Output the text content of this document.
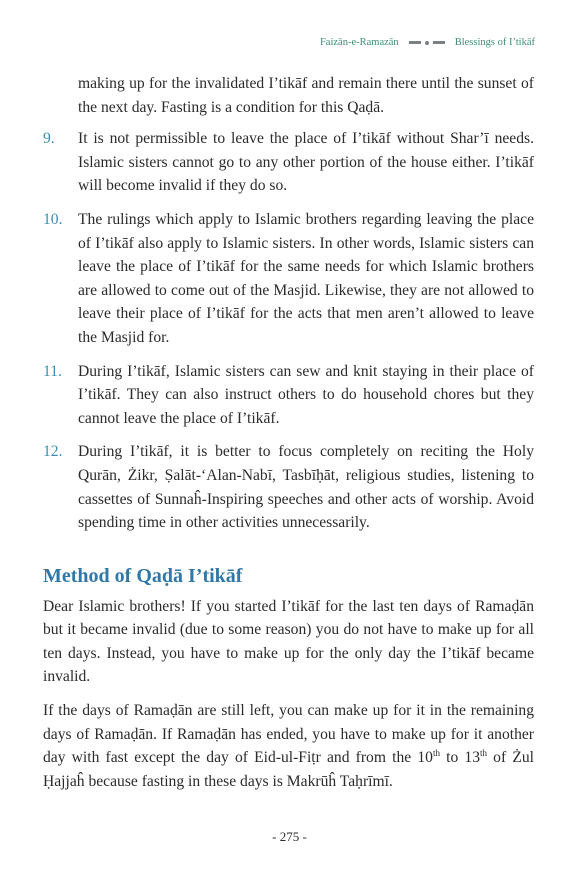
Faizān-e-Ramazān	Blessings of I’tikāf

making up for the invalidated I’tikāf and remain there until the sunset of the next day. Fasting is a condition for this Qaḍā.

9.	It is not permissible to leave the place of I’tikāf without Shar’ī needs. Islamic sisters cannot go to any other portion of the house either. I’tikāf will become invalid if they do so.
10. The rulings which apply to Islamic brothers regarding leaving the place of I’tikāf also apply to Islamic sisters. In other words, Islamic sisters can leave the place of I’tikāf for the same needs for which Islamic brothers are allowed to come out of the Masjid. Likewise, they are not allowed to leave their place of I’tikāf for the acts that men aren’t allowed to leave the Masjid for.
11.	During I’tikāf, Islamic sisters can sew and knit staying in their place of I’tikāf. They can also instruct others to do household chores but they cannot leave the place of I’tikāf.
12. During I’tikāf, it is better to focus completely on reciting the Holy Qurān, Żikr, Ṣalāt-‘Alan-Nabī, Tasbīḥāt, religious studies, listening to cassettes of Sunnaĥ-Inspiring speeches and other acts of worship. Avoid spending time in other activities unnecessarily.
Method of Qaḍā I’tikāf

Dear Islamic brothers! If you started I’tikāf for the last ten days of Ramaḍān but it became invalid (due to some reason) you do not have to make up for all ten days. Instead, you have to make up for the only day the I’tikāf became invalid.

If the days of Ramaḍān are still left, you can make up for it in the remaining days of Ramaḍān. If Ramaḍān has ended, you have to make up for it another day with fast except the day of Eid-ul-Fiṭr and from the 10th to 13th of Żul Ḥajjaĥ because fasting in these days is Makrūĥ Taḥrīmī.

- 275 -
